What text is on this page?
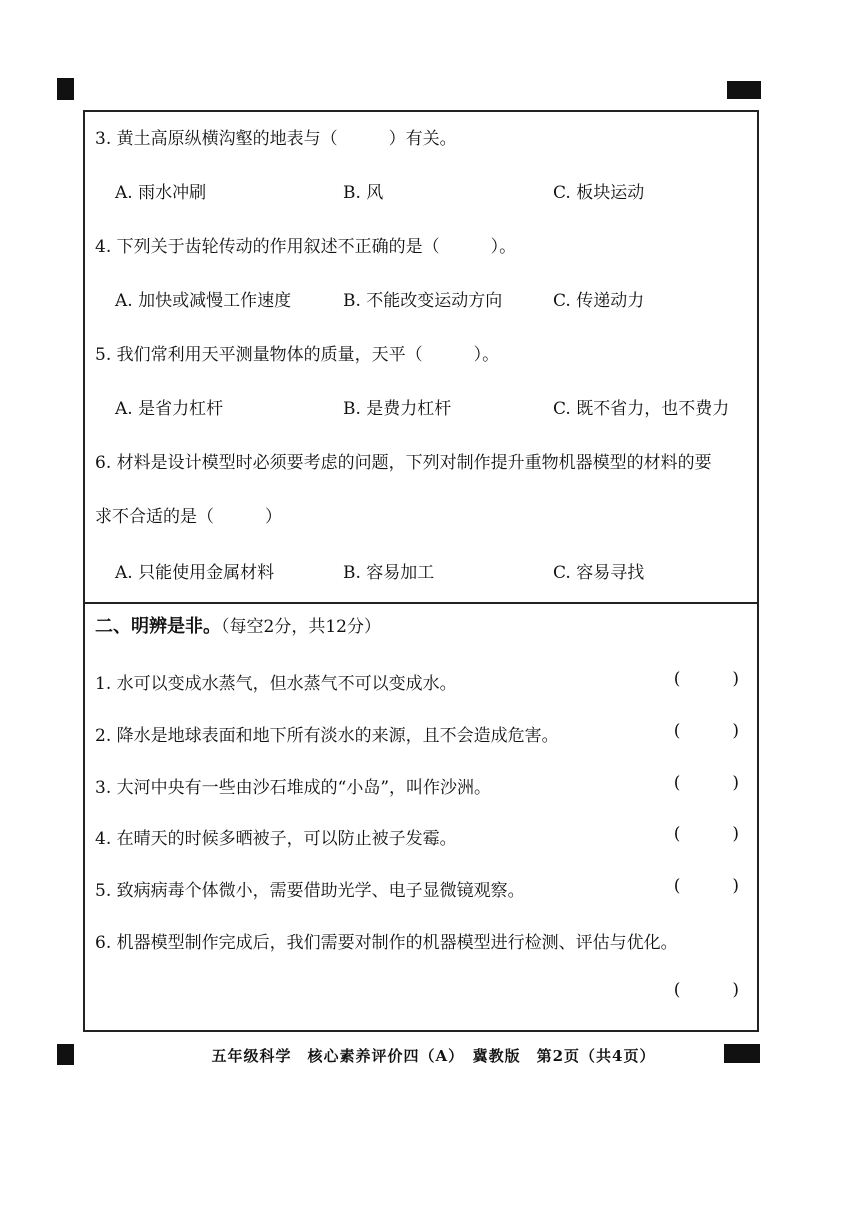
3. 黄土高原纵横沟壑的地表与（　　　）有关。
A. 雨水冲刷	B. 风	C. 板块运动
4. 下列关于齿轮传动的作用叙述不正确的是（　　　）。
A. 加快或减慢工作速度	B. 不能改变运动方向	C. 传递动力
5. 我们常利用天平测量物体的质量，天平（　　　）。
A. 是省力杠杆	B. 是费力杠杆	C. 既不省力，也不费力
6. 材料是设计模型时必须要考虑的问题，下列对制作提升重物机器模型的材料的要
求不合适的是（　　　）
A. 只能使用金属材料	B. 容易加工	C. 容易寻找
二、明辨是非。（每空2分，共12分）
1. 水可以变成水蒸气，但水蒸气不可以变成水。	(	)
2. 降水是地球表面和地下所有淡水的来源，且不会造成危害。	(	)
3. 大河中央有一些由沙石堆成的“小岛”，叫作沙洲。	(	)
4. 在晴天的时候多晒被子，可以防止被子发霉。	(	)
5. 致病病毒个体微小，需要借助光学、电子显微镜观察。	(	)
6. 机器模型制作完成后，我们需要对制作的机器模型进行检测、评估与优化。
(	)
五年级科学　核心素养评价四（A）　冀教版　第2页（共4页）
